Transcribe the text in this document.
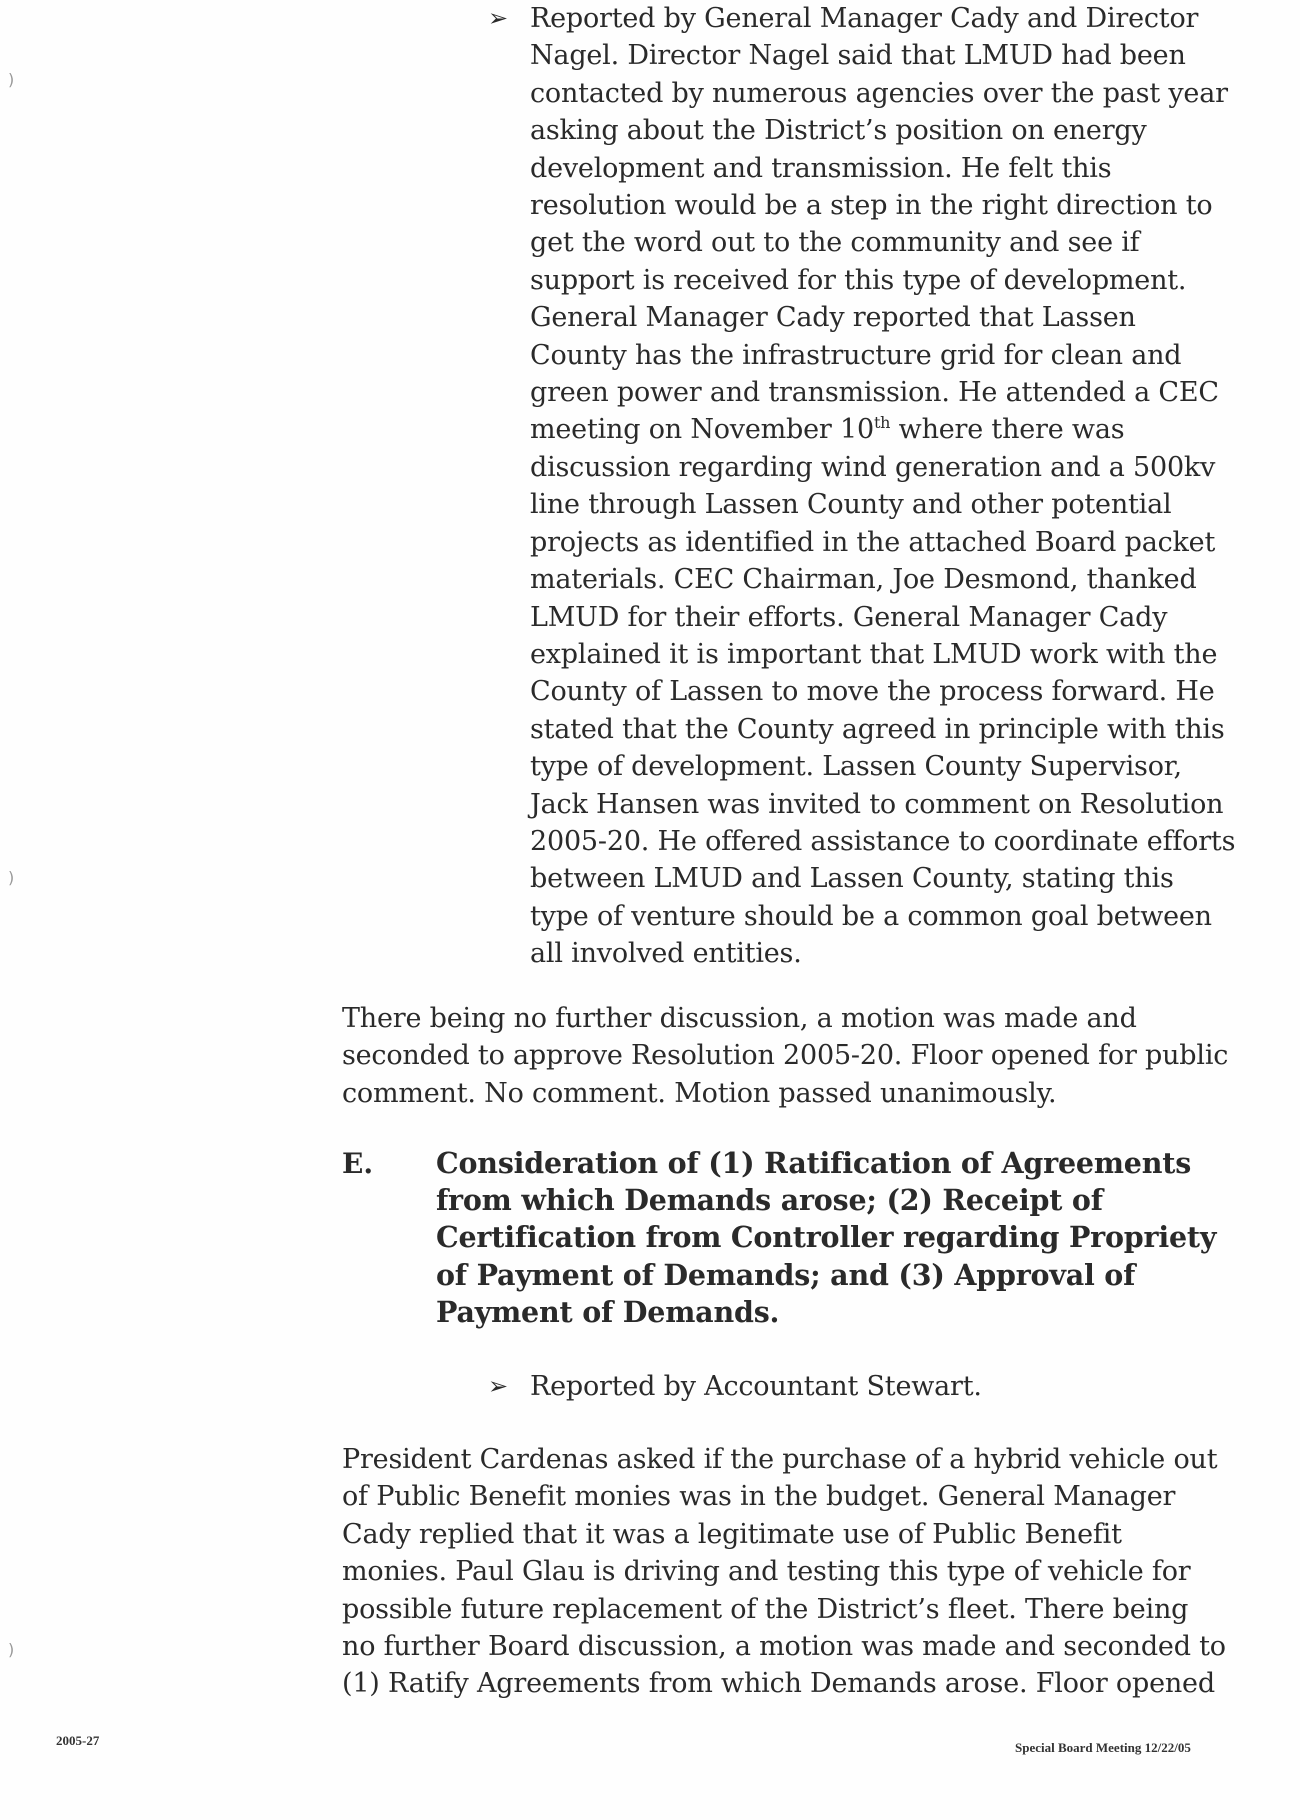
)
)
)
➢ Reported by General Manager Cady and Director
Nagel. Director Nagel said that LMUD had been
contacted by numerous agencies over the past year
asking about the District’s position on energy
development and transmission. He felt this
resolution would be a step in the right direction to
get the word out to the community and see if
support is received for this type of development.
General Manager Cady reported that Lassen
County has the infrastructure grid for clean and
green power and transmission. He attended a CEC
meeting on November 10th where there was
discussion regarding wind generation and a 500kv
line through Lassen County and other potential
projects as identified in the attached Board packet
materials. CEC Chairman, Joe Desmond, thanked
LMUD for their efforts. General Manager Cady
explained it is important that LMUD work with the
County of Lassen to move the process forward. He
stated that the County agreed in principle with this
type of development. Lassen County Supervisor,
Jack Hansen was invited to comment on Resolution
2005-20. He offered assistance to coordinate efforts
between LMUD and Lassen County, stating this
type of venture should be a common goal between
all involved entities.
There being no further discussion, a motion was made and
seconded to approve Resolution 2005-20. Floor opened for public
comment. No comment. Motion passed unanimously.
E. Consideration of (1) Ratification of Agreements
from which Demands arose; (2) Receipt of
Certification from Controller regarding Propriety
of Payment of Demands; and (3) Approval of
Payment of Demands.
➢ Reported by Accountant Stewart.
President Cardenas asked if the purchase of a hybrid vehicle out
of Public Benefit monies was in the budget. General Manager
Cady replied that it was a legitimate use of Public Benefit
monies. Paul Glau is driving and testing this type of vehicle for
possible future replacement of the District’s fleet. There being
no further Board discussion, a motion was made and seconded to
(1) Ratify Agreements from which Demands arose. Floor opened
2005-27	Special Board Meeting 12/22/05
